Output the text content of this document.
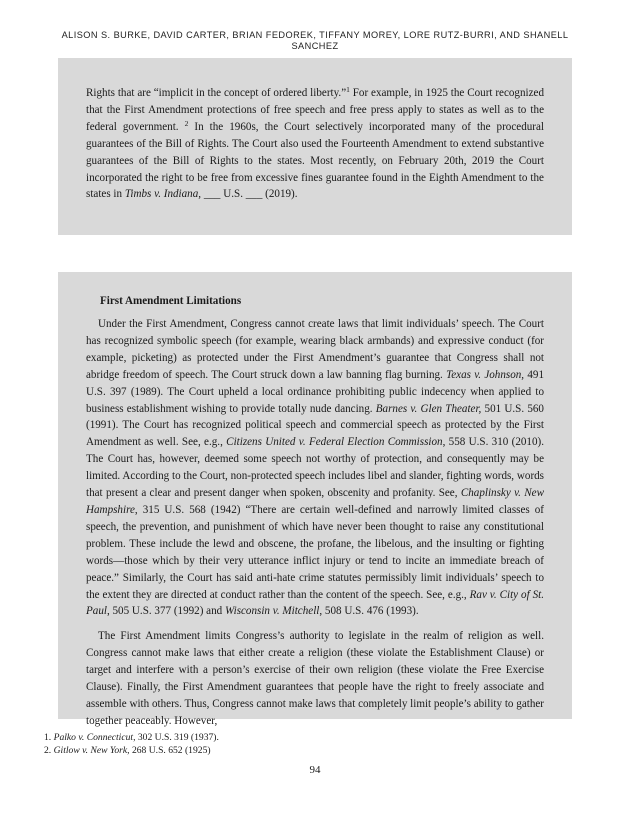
ALISON S. BURKE, DAVID CARTER, BRIAN FEDOREK, TIFFANY MOREY, LORE RUTZ-BURRI, AND SHANELL SANCHEZ

Rights that are “implicit in the concept of ordered liberty.”$^1$ For example, in 1925 the Court recognized that the First Amendment protections of free speech and free press apply to states as well as to the federal government. $^2$ In the 1960s, the Court selectively incorporated many of the procedural guarantees of the Bill of Rights. The Court also used the Fourteenth Amendment to extend substantive guarantees of the Bill of Rights to the states. Most recently, on February 20th, 2019 the Court incorporated the right to be free from excessive fines guarantee found in the Eighth Amendment to the states in Timbs v. Indiana, ___ U.S. ___ (2019).

First Amendment Limitations

Under the First Amendment, Congress cannot create laws that limit individuals’ speech. The Court has recognized symbolic speech (for example, wearing black armbands) and expressive conduct (for example, picketing) as protected under the First Amendment’s guarantee that Congress shall not abridge freedom of speech. The Court struck down a law banning flag burning. Texas v. Johnson, 491 U.S. 397 (1989). The Court upheld a local ordinance prohibiting public indecency when applied to business establishment wishing to provide totally nude dancing. Barnes v. Glen Theater, 501 U.S. 560 (1991). The Court has recognized political speech and commercial speech as protected by the First Amendment as well. See, e.g., Citizens United v. Federal Election Commission, 558 U.S. 310 (2010). The Court has, however, deemed some speech not worthy of protection, and consequently may be limited. According to the Court, non-protected speech includes libel and slander, fighting words, words that present a clear and present danger when spoken, obscenity and profanity. See, Chaplinsky v. New Hampshire, 315 U.S. 568 (1942) “There are certain well-defined and narrowly limited classes of speech, the prevention, and punishment of which have never been thought to raise any constitutional problem. These include the lewd and obscene, the profane, the libelous, and the insulting or fighting words—those which by their very utterance inflict injury or tend to incite an immediate breach of peace.” Similarly, the Court has said anti-hate crime statutes permissibly limit individuals’ speech to the extent they are directed at conduct rather than the content of the speech. See, e.g., Rav v. City of St. Paul, 505 U.S. 377 (1992) and Wisconsin v. Mitchell, 508 U.S. 476 (1993).

The First Amendment limits Congress’s authority to legislate in the realm of religion as well. Congress cannot make laws that either create a religion (these violate the Establishment Clause) or target and interfere with a person’s exercise of their own religion (these violate the Free Exercise Clause). Finally, the First Amendment guarantees that people have the right to freely associate and assemble with others. Thus, Congress cannot make laws that completely limit people’s ability to gather together peaceably. However,

1. Palko v. Connecticut, 302 U.S. 319 (1937).
2. Gitlow v. New York, 268 U.S. 652 (1925)
94
